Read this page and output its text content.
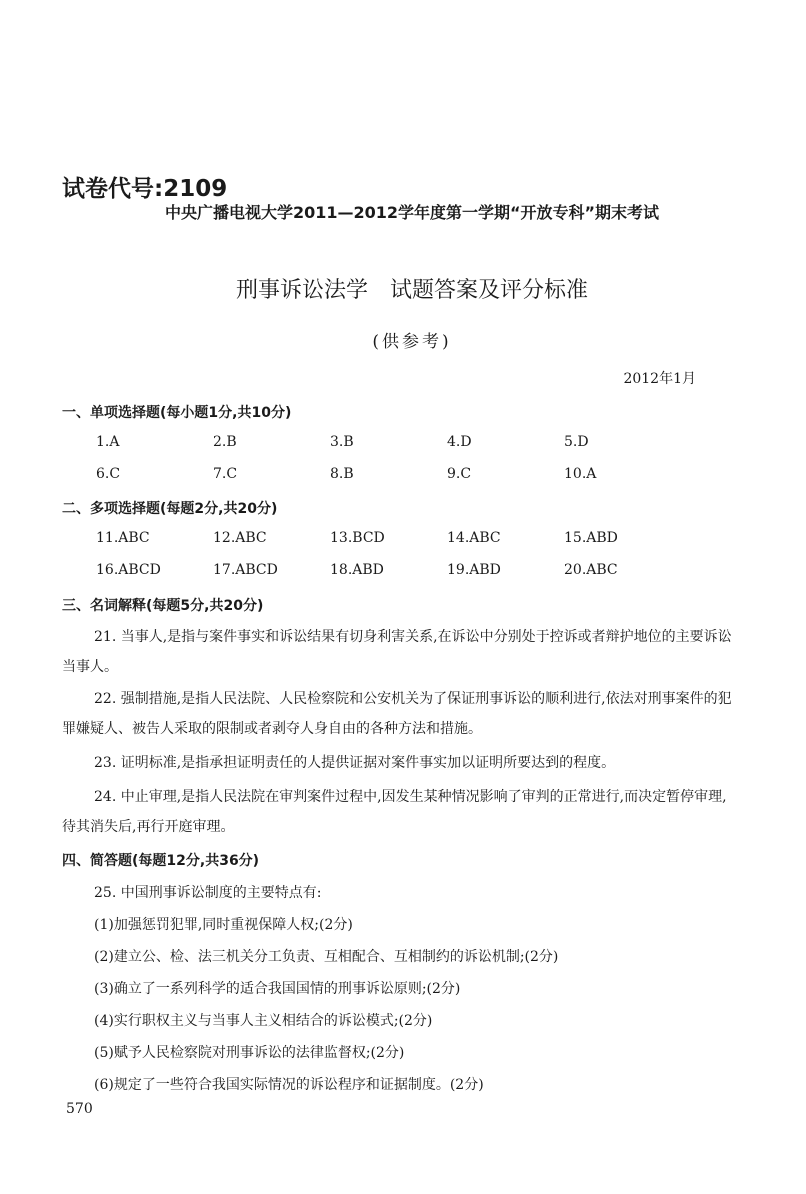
试卷代号:2109
中央广播电视大学2011—2012学年度第一学期“开放专科”期末考试
刑事诉讼法学　试题答案及评分标准
(供参考)
2012年1月
一、单项选择题(每小题1分,共10分)
1.A	2.B	3.B	4.D	5.D
6.C	7.C	8.B	9.C	10.A
二、多项选择题(每题2分,共20分)
11.ABC	12.ABC	13.BCD	14.ABC	15.ABD
16.ABCD	17.ABCD	18.ABD	19.ABD	20.ABC
三、名词解释(每题5分,共20分)
21. 当事人,是指与案件事实和诉讼结果有切身利害关系,在诉讼中分别处于控诉或者辩护地位的主要诉讼当事人。
22. 强制措施,是指人民法院、人民检察院和公安机关为了保证刑事诉讼的顺利进行,依法对刑事案件的犯罪嫌疑人、被告人采取的限制或者剥夺人身自由的各种方法和措施。
23. 证明标准,是指承担证明责任的人提供证据对案件事实加以证明所要达到的程度。
24. 中止审理,是指人民法院在审判案件过程中,因发生某种情况影响了审判的正常进行,而决定暂停审理,待其消失后,再行开庭审理。
四、简答题(每题12分,共36分)
25. 中国刑事诉讼制度的主要特点有:
(1)加强惩罚犯罪,同时重视保障人权;(2分)
(2)建立公、检、法三机关分工负责、互相配合、互相制约的诉讼机制;(2分)
(3)确立了一系列科学的适合我国国情的刑事诉讼原则;(2分)
(4)实行职权主义与当事人主义相结合的诉讼模式;(2分)
(5)赋予人民检察院对刑事诉讼的法律监督权;(2分)
(6)规定了一些符合我国实际情况的诉讼程序和证据制度。(2分)
570
